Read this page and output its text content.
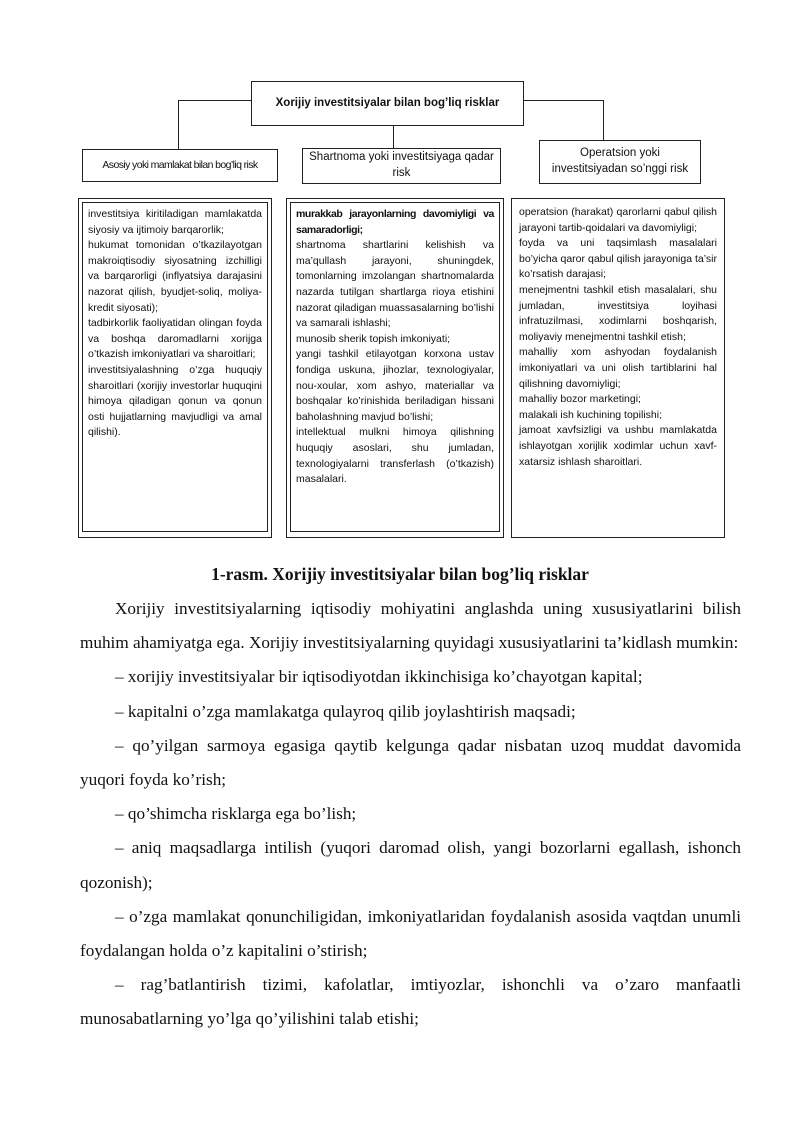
Xorijiy investitsiyalar bilan bog’liq risklar
Asosiy yoki mamlakat bilan bog’liq risk
Shartnoma yoki investitsiyaga qadar risk
Operatsion yoki investitsiyadan so’nggi risk

investitsiya kiritiladigan mamlakatda siyosiy va ijtimoiy barqarorlik;

hukumat tomonidan o’tkazilayotgan makroiqtisodiy siyosatning izchilligi va barqarorligi (inflyatsiya darajasini nazorat qilish, byudjet-soliq, moliya-kredit siyosati);

tadbirkorlik faoliyatidan olingan foyda va boshqa daromadlarni xorijga o’tkazish imkoniyatlari va sharoitlari;

investitsiyalashning o’zga huquqiy sharoitlari (xorijiy investorlar huquqini himoya qiladigan qonun va qonun osti hujjatlarning mavjudligi va amal qilishi).

murakkab jarayonlarning davomiyligi va samaradorligi;

shartnoma shartlarini kelishish va ma’qullash jarayoni, shuningdek, tomonlarning imzolangan shartnomalarda nazarda tutilgan shartlarga rioya etishini nazorat qiladigan muassasalarning bo’lishi va samarali ishlashi;

munosib sherik topish imkoniyati;

yangi tashkil etilayotgan korxona ustav fondiga uskuna, jihozlar, texnologiyalar, nou-xoular, xom ashyo, materiallar va boshqalar ko’rinishida beriladigan hissani baholashning mavjud bo’lishi;

intellektual mulkni himoya qilishning huquqiy asoslari, shu jumladan, texnologiyalarni transferlash (o’tkazish) masalalari.

operatsion (harakat) qarorlarni qabul qilish jarayoni tartib-qoidalari va davomiyligi;

foyda va uni taqsimlash masalalari bo’yicha qaror qabul qilish jarayoniga ta’sir ko’rsatish darajasi;

menejmentni tashkil etish masalalari, shu jumladan, investitsiya loyihasi infratuzilmasi, xodimlarni boshqarish, moliyaviy menejmentni tashkil etish;

mahalliy xom ashyodan foydalanish imkoniyatlari va uni olish tartiblarini hal qilishning davomiyligi;

mahalliy bozor marketingi;

malakali ish kuchining topilishi;

jamoat xavfsizligi va ushbu mamlakatda ishlayotgan xorijlik xodimlar uchun xavf-xatarsiz ishlash sharoitlari.

1-rasm. Xorijiy investitsiyalar bilan bog’liq risklar

Xorijiy investitsiyalarning iqtisodiy mohiyatini anglashda uning xususiyatlarini bilish muhim ahamiyatga ega. Xorijiy investitsiyalarning quyidagi xususiyatlarini ta’kidlash mumkin:

– xorijiy investitsiyalar bir iqtisodiyotdan ikkinchisiga ko’chayotgan kapital;

– kapitalni o’zga mamlakatga qulayroq qilib joylashtirish maqsadi;

– qo’yilgan sarmoya egasiga qaytib kelgunga qadar nisbatan uzoq muddat davomida yuqori foyda ko’rish;

– qo’shimcha risklarga ega bo’lish;

– aniq maqsadlarga intilish (yuqori daromad olish, yangi bozorlarni egallash, ishonch qozonish);

– o’zga mamlakat qonunchiligidan, imkoniyatlaridan foydalanish asosida vaqtdan unumli foydalangan holda o’z kapitalini o’stirish;

– rag’batlantirish tizimi, kafolatlar, imtiyozlar, ishonchli va o’zaro manfaatli munosabatlarning yo’lga qo’yilishini talab etishi;
